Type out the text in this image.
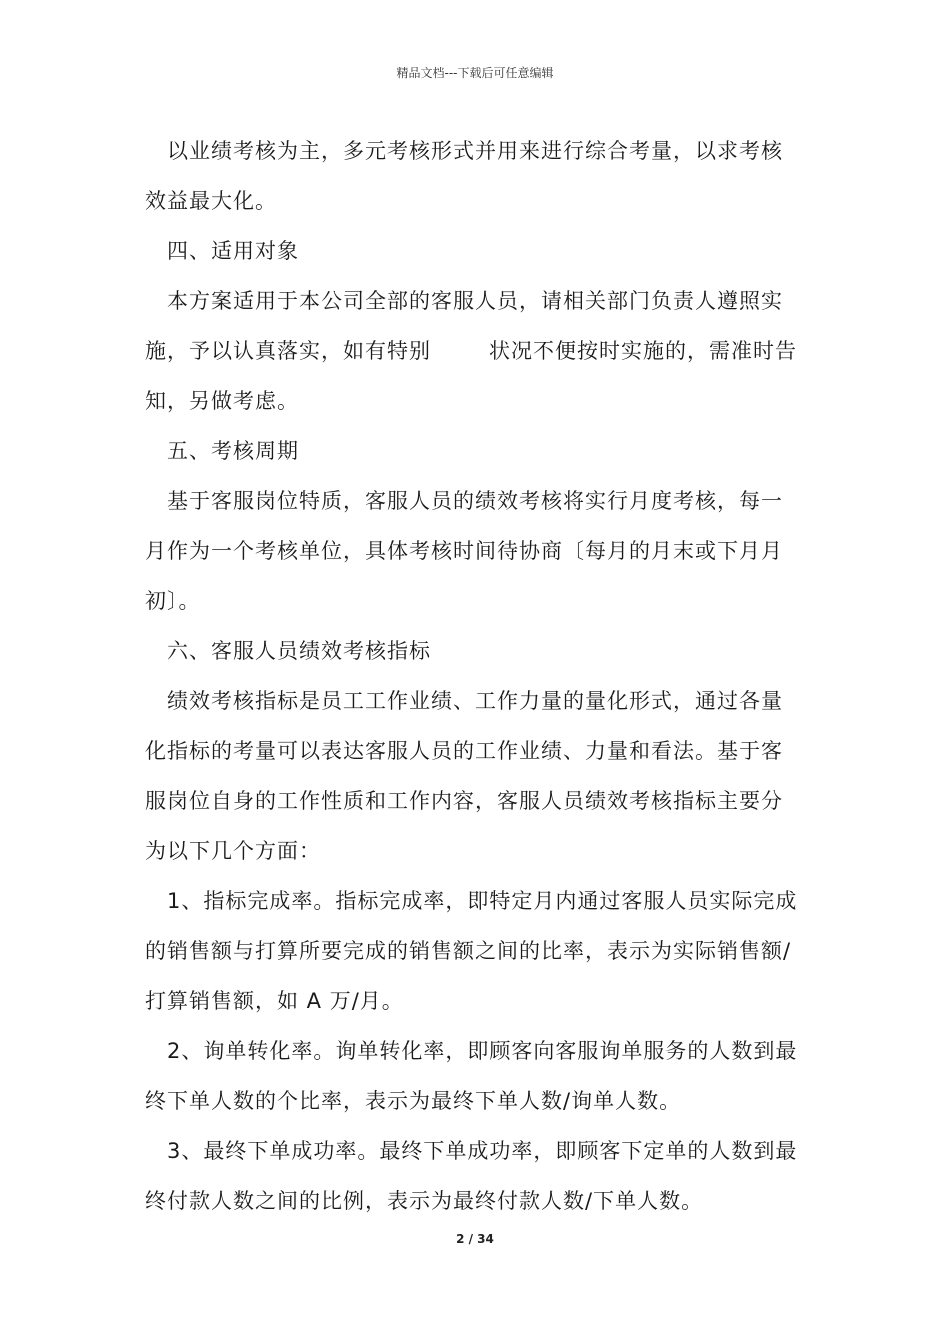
精品文档---下载后可任意编辑

以业绩考核为主，多元考核形式并用来进行综合考量，以求考核

效益最大化。

四、适用对象

本方案适用于本公司全部的客服人员，请相关部门负责人遵照实

施，予以认真落实，如有特别	状况不便按时实施的，需准时告

知，另做考虑。

五、考核周期

基于客服岗位特质，客服人员的绩效考核将实行月度考核，每一

月作为一个考核单位，具体考核时间待协商〔每月的月末或下月月

初〕。

六、客服人员绩效考核指标

绩效考核指标是员工工作业绩、工作力量的量化形式，通过各量

化指标的考量可以表达客服人员的工作业绩、力量和看法。基于客

服岗位自身的工作性质和工作内容，客服人员绩效考核指标主要分

为以下几个方面：

1、指标完成率。指标完成率，即特定月内通过客服人员实际完成

的销售额与打算所要完成的销售额之间的比率，表示为实际销售额/

打算销售额，如 A 万/月。

2、询单转化率。询单转化率，即顾客向客服询单服务的人数到最

终下单人数的个比率，表示为最终下单人数/询单人数。

3、最终下单成功率。最终下单成功率，即顾客下定单的人数到最

终付款人数之间的比例，表示为最终付款人数/下单人数。

2 / 34
